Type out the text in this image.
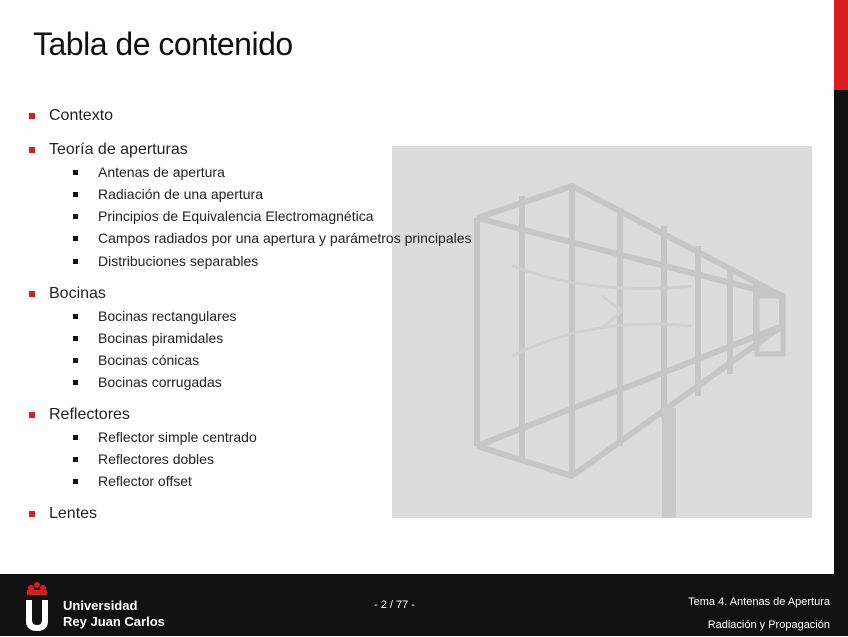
Tabla de contenido
Contexto
Teoría de aperturas
Antenas de apertura
Radiación de una apertura
Principios de Equivalencia Electromagnética
Campos radiados por una apertura y parámetros principales
Distribuciones separables
Bocinas
Bocinas rectangulares
Bocinas piramidales
Bocinas cónicas
Bocinas corrugadas
Reflectores
Reflector simple centrado
Reflectores dobles
Reflector offset
Lentes
Universidad
Rey Juan Carlos
- 2 / 77 -	Tema 4. Antenas de Apertura
Radiación y Propagación
